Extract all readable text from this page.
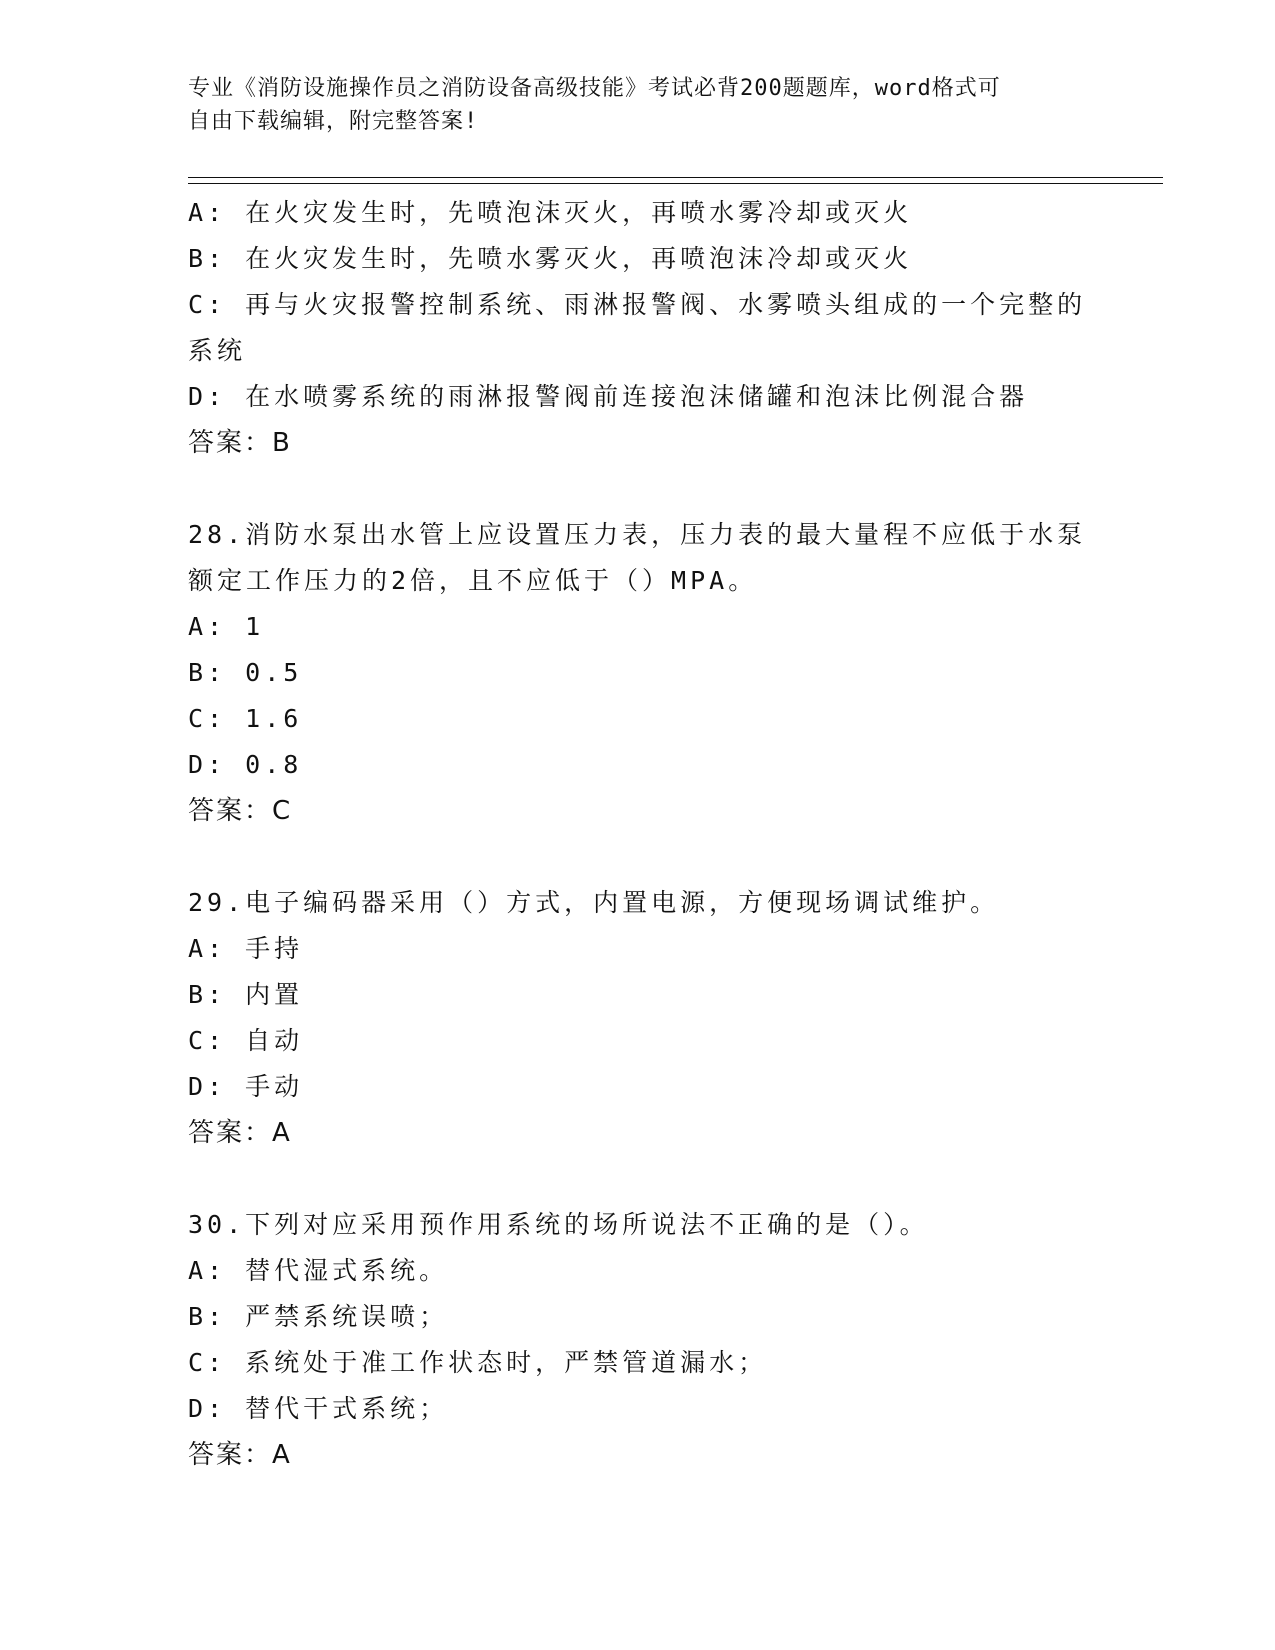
专业《消防设施操作员之消防设备高级技能》考试必背200题题库，word格式可
自由下载编辑，附完整答案!
A: 在火灾发生时，先喷泡沫灭火，再喷水雾冷却或灭火
B: 在火灾发生时，先喷水雾灭火，再喷泡沫冷却或灭火
C: 再与火灾报警控制系统、雨淋报警阀、水雾喷头组成的一个完整的系统
D: 在水喷雾系统的雨淋报警阀前连接泡沫储罐和泡沫比例混合器
答案：B
28.消防水泵出水管上应设置压力表，压力表的最大量程不应低于水泵额定工作压力的2倍，且不应低于（）MPA。
A: 1
B: 0.5
C: 1.6
D: 0.8
答案：C
29.电子编码器采用（）方式，内置电源，方便现场调试维护。
A: 手持
B: 内置
C: 自动
D: 手动
答案：A
30.下列对应采用预作用系统的场所说法不正确的是（）。
A: 替代湿式系统。
B: 严禁系统误喷；
C: 系统处于准工作状态时，严禁管道漏水；
D: 替代干式系统；
答案：A
